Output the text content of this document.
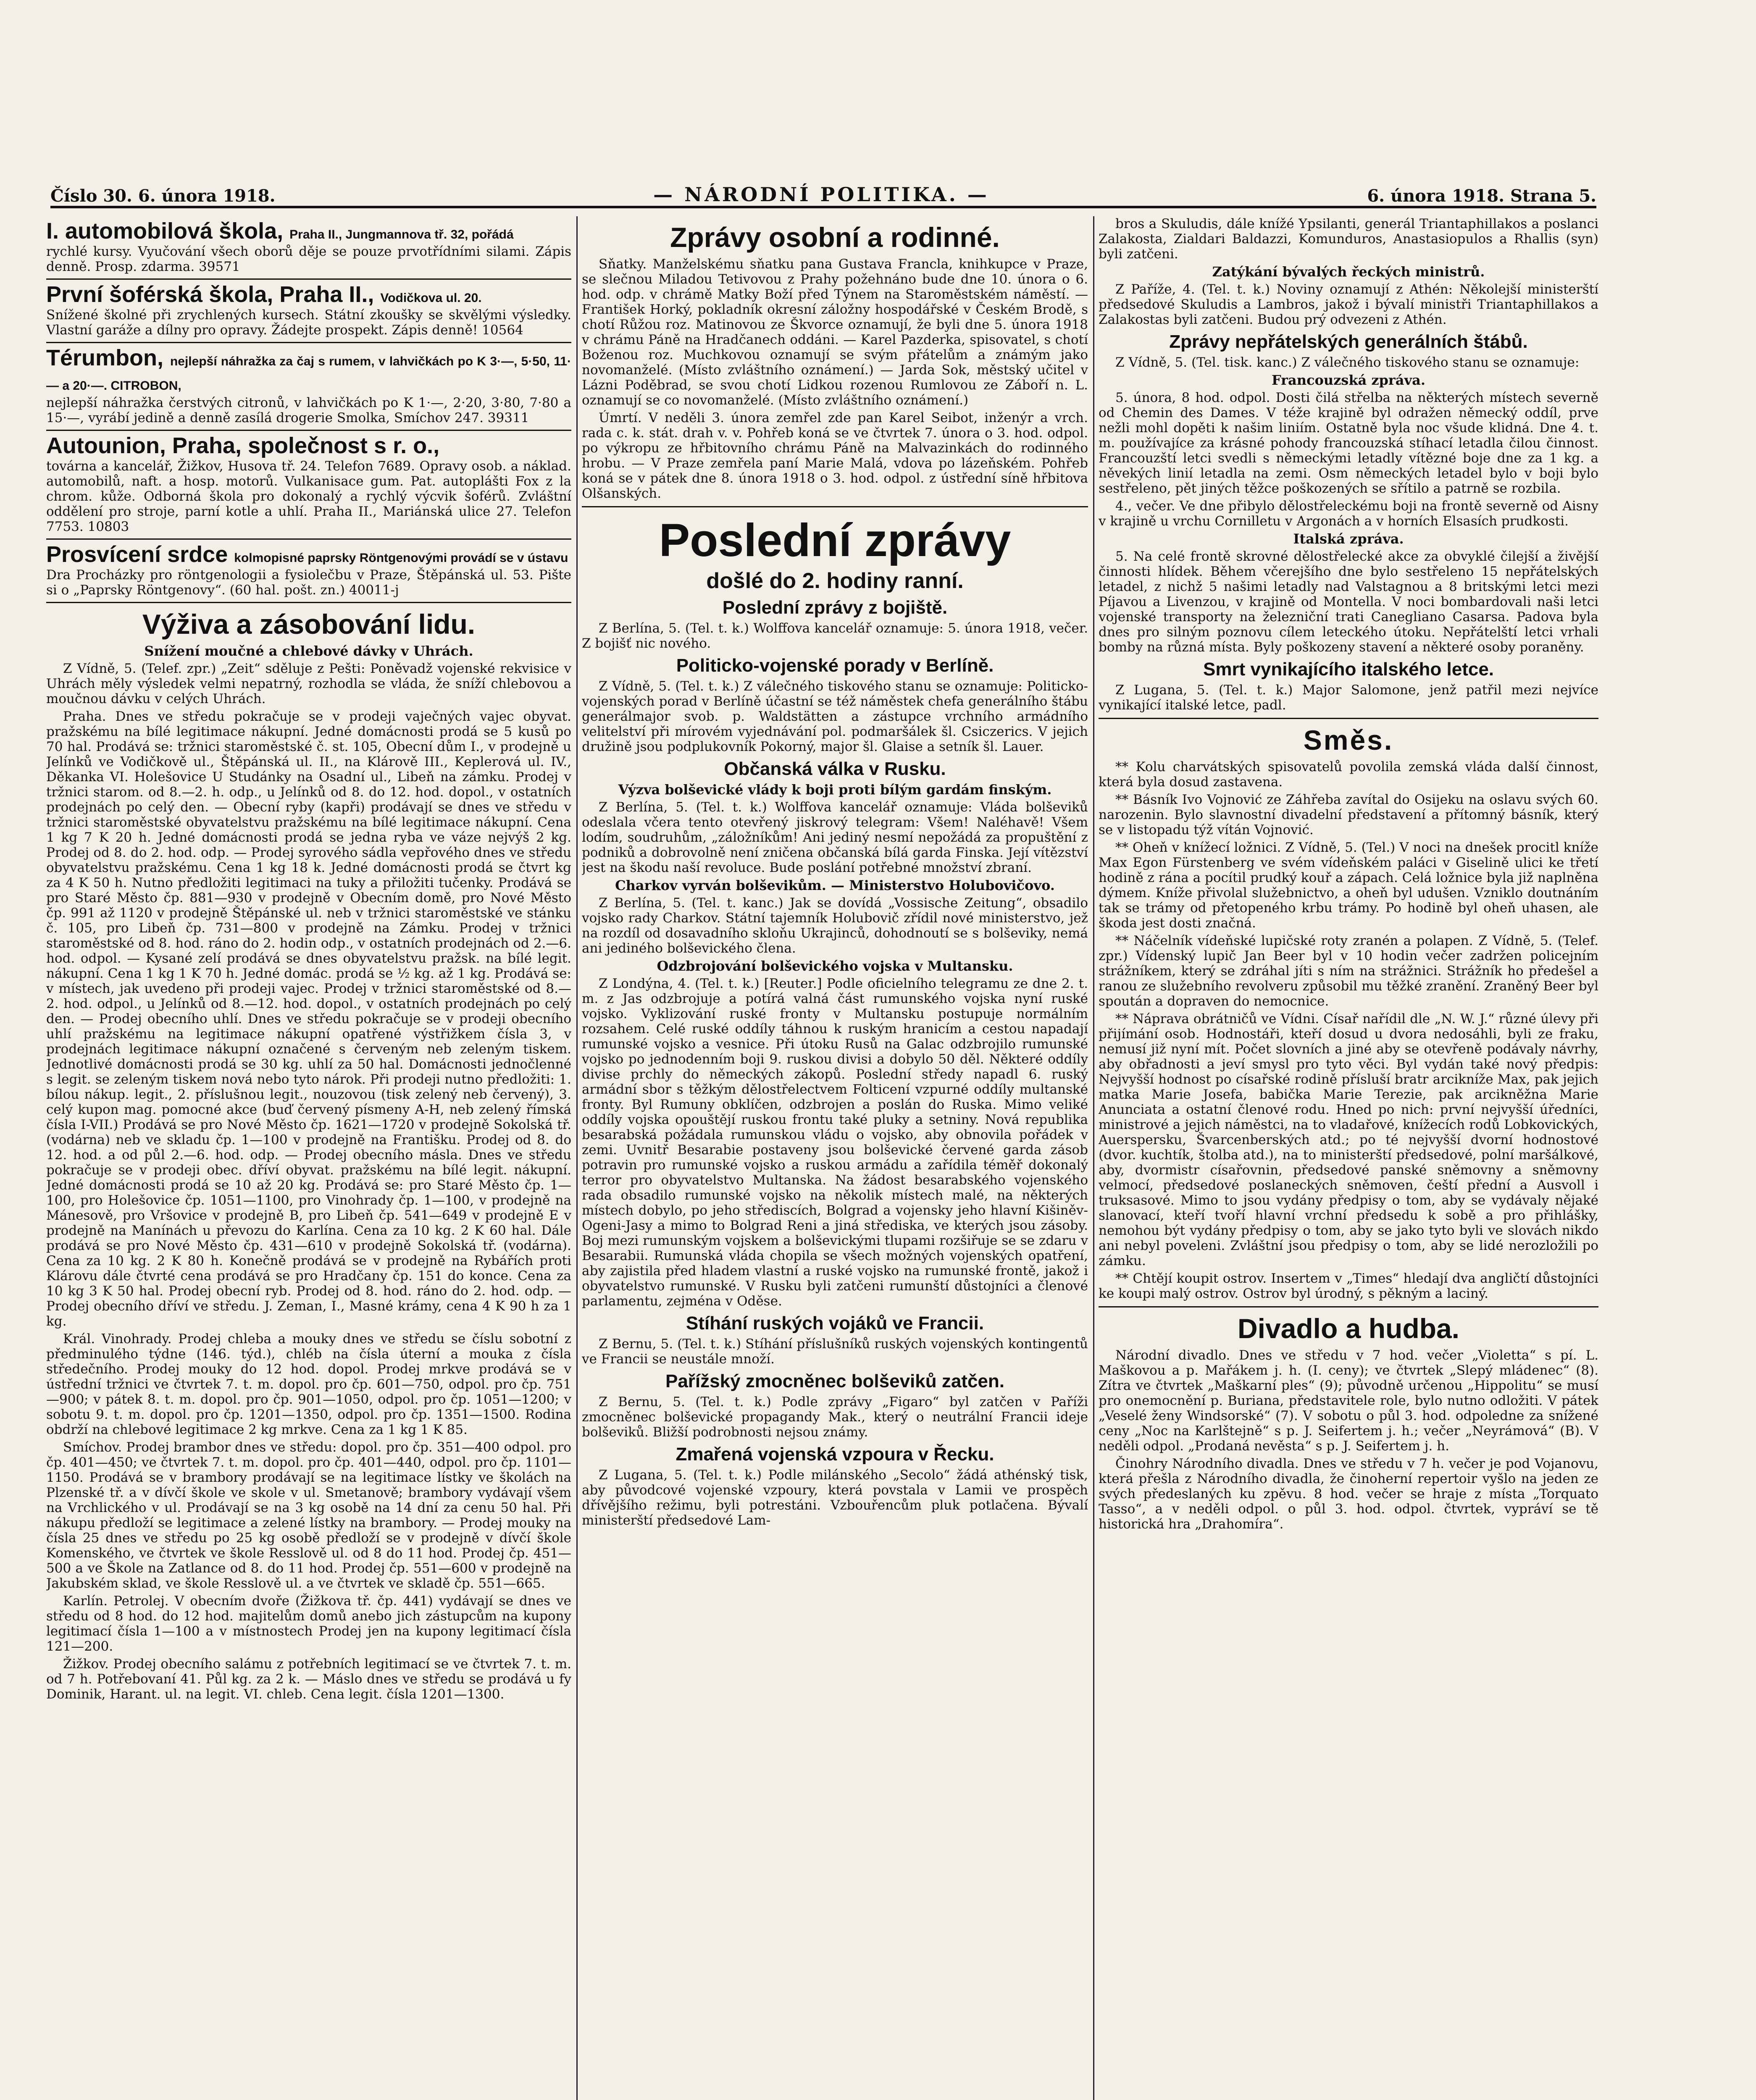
Číslo 30. 6. února 1918.	— NÁRODNÍ POLITIKA. —	6. února 1918. Strana 5.
I. automobilová škola, Praha II., Jungmannova tř. 32, pořádá

rychlé kursy. Vyučování všech oborů děje se pouze prvotřídními silami. Zápis denně. Prosp. zdarma. 39571

První šoférská škola, Praha II., Vodičkova ul. 20.

Snížené školné při zrychlených kursech. Státní zkoušky se skvělými výsledky. Vlastní garáže a dílny pro opravy. Žádejte prospekt. Zápis denně! 10564

Térumbon, nejlepší náhražka za čaj s rumem, v lahvičkách po K 3·—, 5·50, 11·— a 20·—. CITROBON,

nejlepší náhražka čerstvých citronů, v lahvičkách po K 1·—, 2·20, 3·80, 7·80 a 15·—, vyrábí jedině a denně zasílá drogerie Smolka, Smíchov 247. 39311

Autounion, Praha, společnost s r. o.,

továrna a kancelář, Žižkov, Husova tř. 24. Telefon 7689. Opravy osob. a náklad. automobilů, naft. a hosp. motorů. Vulkanisace gum. Pat. autoplášti Fox z la chrom. kůže. Odborná škola pro dokonalý a rychlý výcvik šoférů. Zvláštní oddělení pro stroje, parní kotle a uhlí. Praha II., Mariánská ulice 27. Telefon 7753. 10803

Prosvícení srdce kolmopisné paprsky Röntgenovými provádí se v ústavu

Dra Procházky pro röntgenologii a fysiolečbu v Praze, Štěpánská ul. 53. Pište si o „Paprsky Röntgenovy“. (60 hal. pošt. zn.) 40011-j

Výživa a zásobování lidu.
Snížení moučné a chlebové dávky v Uhrách.

Z Vídně, 5. (Telef. zpr.) „Zeit“ sděluje z Pešti: Poněvadž vojenské rekvisice v Uhrách měly výsledek velmi nepatrný, rozhodla se vláda, že sníží chlebovou a moučnou dávku v celých Uhrách.

Praha. Dnes ve středu pokračuje se v prodeji vaječných vajec obyvat. pražskému na bílé legitimace nákupní. Jedné domácnosti prodá se 5 kusů po 70 hal. Prodává se: tržnici staroměstské č. st. 105, Obecní dům I., v prodejně u Jelínků ve Vodičkově ul., Štěpánská ul. II., na Klárově III., Keplerová ul. IV., Děkanka VI. Holešovice U Studánky na Osadní ul., Libeň na zámku. Prodej v tržnici starom. od 8.—2. h. odp., u Jelínků od 8. do 12. hod. dopol., v ostatních prodejnách po celý den. — Obecní ryby (kapři) prodávají se dnes ve středu v tržnici staroměstské obyvatelstvu pražskému na bílé legitimace nákupní. Cena 1 kg 7 K 20 h. Jedné domácnosti prodá se jedna ryba ve váze nejvýš 2 kg. Prodej od 8. do 2. hod. odp. — Prodej syrového sádla vepřového dnes ve středu obyvatelstvu pražskému. Cena 1 kg 18 k. Jedné domácnosti prodá se čtvrt kg za 4 K 50 h. Nutno předložiti legitimaci na tuky a přiložiti tučenky. Prodává se pro Staré Město čp. 881—930 v prodejně v Obecním domě, pro Nové Město čp. 991 až 1120 v prodejně Štěpánské ul. neb v tržnici staroměstské ve stánku č. 105, pro Libeň čp. 731—800 v prodejně na Zámku. Prodej v tržnici staroměstské od 8. hod. ráno do 2. hodin odp., v ostatních prodejnách od 2.—6. hod. odpol. — Kysané zelí prodává se dnes obyvatelstvu pražsk. na bílé legit. nákupní. Cena 1 kg 1 K 70 h. Jedné domác. prodá se ½ kg. až 1 kg. Prodává se: v místech, jak uvedeno při prodeji vajec. Prodej v tržnici staroměstské od 8.—2. hod. odpol., u Jelínků od 8.—12. hod. dopol., v ostatních prodejnách po celý den. — Prodej obecního uhlí. Dnes ve středu pokračuje se v prodeji obecního uhlí pražskému na legitimace nákupní opatřené výstřižkem čísla 3, v prodejnách legitimace nákupní označené s červeným neb zeleným tiskem. Jednotlivé domácnosti prodá se 30 kg. uhlí za 50 hal. Domácnosti jednočlenné s legit. se zeleným tiskem nová nebo tyto nárok. Při prodeji nutno předložiti: 1. bílou nákup. legit., 2. příslušnou legit., nouzovou (tisk zelený neb červený), 3. celý kupon mag. pomocné akce (buď červený písmeny A-H, neb zelený římská čísla I-VII.) Prodává se pro Nové Město čp. 1621—1720 v prodejně Sokolská tř. (vodárna) neb ve skladu čp. 1—100 v prodejně na Františku. Prodej od 8. do 12. hod. a od půl 2.—6. hod. odp. — Prodej obecního másla. Dnes ve středu pokračuje se v prodeji obec. dříví obyvat. pražskému na bílé legit. nákupní. Jedné domácnosti prodá se 10 až 20 kg. Prodává se: pro Staré Město čp. 1—100, pro Holešovice čp. 1051—1100, pro Vinohrady čp. 1—100, v prodejně na Mánesově, pro Vršovice v prodejně B, pro Libeň čp. 541—649 v prodejně E v prodejně na Manínách u převozu do Karlína. Cena za 10 kg. 2 K 60 hal. Dále prodává se pro Nové Město čp. 431—610 v prodejně Sokolská tř. (vodárna). Cena za 10 kg. 2 K 80 h. Konečně prodává se v prodejně na Rybářích proti Klárovu dále čtvrté cena prodává se pro Hradčany čp. 151 do konce. Cena za 10 kg 3 K 50 hal. Prodej obecní ryb. Prodej od 8. hod. ráno do 2. hod. odp. — Prodej obecního dříví ve středu. J. Zeman, I., Masné krámy, cena 4 K 90 h za 1 kg.

Král. Vinohrady. Prodej chleba a mouky dnes ve středu se číslu sobotní z předminulého týdne (146. týd.), chléb na čísla úterní a mouka z čísla středečního. Prodej mouky do 12 hod. dopol. Prodej mrkve prodává se v ústřední tržnici ve čtvrtek 7. t. m. dopol. pro čp. 601—750, odpol. pro čp. 751—900; v pátek 8. t. m. dopol. pro čp. 901—1050, odpol. pro čp. 1051—1200; v sobotu 9. t. m. dopol. pro čp. 1201—1350, odpol. pro čp. 1351—1500. Rodina obdrží na chlebové legitimace 2 kg mrkve. Cena za 1 kg 1 K 85.

Smíchov. Prodej brambor dnes ve středu: dopol. pro čp. 351—400 odpol. pro čp. 401—450; ve čtvrtek 7. t. m. dopol. pro čp. 401—440, odpol. pro čp. 1101—1150. Prodává se v brambory prodávají se na legitimace lístky ve školách na Plzenské tř. a v dívčí škole ve skole v ul. Smetanově; brambory vydávají všem na Vrchlického v ul. Prodávají se na 3 kg osobě na 14 dní za cenu 50 hal. Při nákupu předloží se legitimace a zelené lístky na brambory. — Prodej mouky na čísla 25 dnes ve středu po 25 kg osobě předloží se v prodejně v dívčí škole Komenského, ve čtvrtek ve škole Resslově ul. od 8 do 11 hod. Prodej čp. 451—500 a ve Škole na Zatlance od 8. do 11 hod. Prodej čp. 551—600 v prodejně na Jakubském sklad, ve škole Resslově ul. a ve čtvrtek ve skladě čp. 551—665.

Karlín. Petrolej. V obecním dvoře (Žižkova tř. čp. 441) vydávají se dnes ve středu od 8 hod. do 12 hod. majitelům domů anebo jich zástupcům na kupony legitimací čísla 1—100 a v místnostech Prodej jen na kupony legitimací čísla 121—200.

Žižkov. Prodej obecního salámu z potřebních legitimací se ve čtvrtek 7. t. m. od 7 h. Potřebovaní 41. Půl kg. za 2 k. — Máslo dnes ve středu se prodává u fy Dominik, Harant. ul. na legit. VI. chleb. Cena legit. čísla 1201—1300.

Zprávy osobní a rodinné.

Sňatky. Manželskému sňatku pana Gustava Francla, knihkupce v Praze, se slečnou Miladou Tetivovou z Prahy požehnáno bude dne 10. února o 6. hod. odp. v chrámě Matky Boží před Týnem na Staroměstském náměstí. — František Horký, pokladník okresní záložny hospodářské v Českém Brodě, s chotí Růžou roz. Matinovou ze Škvorce oznamují, že byli dne 5. února 1918 v chrámu Páně na Hradčanech oddáni. — Karel Pazderka, spisovatel, s chotí Boženou roz. Muchkovou oznamují se svým přátelům a známým jako novomanželé. (Místo zvláštního oznámení.) — Jarda Sok, městský učitel v Lázni Poděbrad, se svou chotí Lidkou rozenou Rumlovou ze Záboří n. L. oznamují se co novomanželé. (Místo zvláštního oznámení.)

Úmrtí. V neděli 3. února zemřel zde pan Karel Seibot, inženýr a vrch. rada c. k. stát. drah v. v. Pohřeb koná se ve čtvrtek 7. února o 3. hod. odpol. po výkropu ze hřbitovního chrámu Páně na Malvazinkách do rodinného hrobu. — V Praze zemřela paní Marie Malá, vdova po lázeňském. Pohřeb koná se v pátek dne 8. února 1918 o 3. hod. odpol. z ústřední síně hřbitova Olšanských.

Poslední zprávy
došlé do 2. hodiny ranní.
Poslední zprávy z bojiště.

Z Berlína, 5. (Tel. t. k.) Wolffova kancelář oznamuje: 5. února 1918, večer. Z bojišť nic nového.

Politicko-vojenské porady v Berlíně.

Z Vídně, 5. (Tel. t. k.) Z válečného tiskového stanu se oznamuje: Politicko-vojenských porad v Berlíně účastní se též náměstek chefa generálního štábu generálmajor svob. p. Waldstätten a zástupce vrchního armádního velitelství při mírovém vyjednávání pol. podmaršálek šl. Csiczerics. V jejich družině jsou podplukovník Pokorný, major šl. Glaise a setník šl. Lauer.

Občanská válka v Rusku.
Výzva bolševické vlády k boji proti bílým gardám finským.

Z Berlína, 5. (Tel. t. k.) Wolffova kancelář oznamuje: Vláda bolševiků odeslala včera tento otevřený jiskrový telegram: Všem! Naléhavě! Všem lodím, soudruhům, „záložníkům! Ani jediný nesmí nepožádá za propuštění z podniků a dobrovolně není zničena občanská bílá garda Finska. Její vítězství jest na škodu naší revoluce. Bude poslání potřebné množství zbraní.

Charkov vyrván bolševikům. — Ministerstvo Holubovičovo.

Z Berlína, 5. (Tel. t. kanc.) Jak se dovídá „Vossische Zeitung“, obsadilo vojsko rady Charkov. Státní tajemník Holubovič zřídil nové ministerstvo, jež na rozdíl od dosavadního skloňu Ukrajinců, dohodnoutí se s bolševiky, nemá ani jediného bolševického člena.

Odzbrojování bolševického vojska v Multansku.

Z Londýna, 4. (Tel. t. k.) [Reuter.] Podle oficielního telegramu ze dne 2. t. m. z Jas odzbrojuje a potírá valná část rumunského vojska nyní ruské vojsko. Vyklizování ruské fronty v Multansku postupuje normálním rozsahem. Celé ruské oddíly táhnou k ruským hranicím a cestou napadají rumunské vojsko a vesnice. Při útoku Rusů na Galac odzbrojilo rumunské vojsko po jednodenním boji 9. ruskou divisi a dobylo 50 děl. Některé oddíly divise prchly do německých zákopů. Poslední středy napadl 6. ruský armádní sbor s těžkým dělostřelectvem Folticení vzpurné oddíly multanské fronty. Byl Rumuny obklíčen, odzbrojen a poslán do Ruska. Mimo veliké oddíly vojska opouštějí ruskou frontu také pluky a setniny. Nová republika besarabská požádala rumunskou vládu o vojsko, aby obnovila pořádek v zemi. Uvnitř Besarabie postaveny jsou bolševické červené garda zásob potravin pro rumunské vojsko a ruskou armádu a zařídila téměř dokonalý terror pro obyvatelstvo Multanska. Na žádost besarabského vojenského rada obsadilo rumunské vojsko na několik místech malé, na některých místech dobylo, po jeho střediscích, Bolgrad a vojensky jeho hlavní Kišiněv-Ogeni-Jasy a mimo to Bolgrad Reni a jiná střediska, ve kterých jsou zásoby. Boj mezi rumunským vojskem a bolševickými tlupami rozšiřuje se se zdaru v Besarabii. Rumunská vláda chopila se všech možných vojenských opatření, aby zajistila před hladem vlastní a ruské vojsko na rumunské frontě, jakož i obyvatelstvo rumunské. V Rusku byli zatčeni rumunští důstojníci a členové parlamentu, zejména v Oděse.

Stíhání ruských vojáků ve Francii.

Z Bernu, 5. (Tel. t. k.) Stíhání příslušníků ruských vojenských kontingentů ve Francii se neustále množí.

Pařížský zmocněnec bolševiků zatčen.

Z Bernu, 5. (Tel. t. k.) Podle zprávy „Figaro“ byl zatčen v Paříži zmocněnec bolševické propagandy Mak., který o neutrální Francii ideje bolševiků. Bližší podrobnosti nejsou známy.

Zmařená vojenská vzpoura v Řecku.

Z Lugana, 5. (Tel. t. k.) Podle milánského „Secolo“ žádá athénský tisk, aby původcové vojenské vzpoury, která povstala v Lamii ve prospěch dřívějšího režimu, byli potrestáni. Vzbouřencům pluk potlačena. Bývalí ministerští předsedové Lam-

bros a Skuludis, dále knížé Ypsilanti, generál Triantaphillakos a poslanci Zalakosta, Zialdari Baldazzi, Komunduros, Anastasiopulos a Rhallis (syn) byli zatčeni.

Zatýkání bývalých řeckých ministrů.

Z Paříže, 4. (Tel. t. k.) Noviny oznamují z Athén: Několejší ministerští předsedové Skuludis a Lambros, jakož i bývalí ministři Triantaphillakos a Zalakostas byli zatčeni. Budou prý odvezeni z Athén.

Zprávy nepřátelských generálních štábů.

Z Vídně, 5. (Tel. tisk. kanc.) Z válečného tiskového stanu se oznamuje:

Francouzská zpráva.

5. února, 8 hod. odpol. Dosti čilá střelba na některých místech severně od Chemin des Dames. V téže krajině byl odražen německý oddíl, prve nežli mohl dopěti k našim liniím. Ostatně byla noc všude klidná. Dne 4. t. m. používajíce za krásné pohody francouzská stíhací letadla čilou činnost. Francouzští letci svedli s německými letadly vítězné boje dne za 1 kg. a něvekých linií letadla na zemi. Osm německých letadel bylo v boji bylo sestřeleno, pět jiných těžce poškozených se sřítilo a patrně se rozbila.

4., večer. Ve dne přibylo dělostřeleckému boji na frontě severně od Aisny v krajině u vrchu Cornilletu v Argonách a v horních Elsasích prudkosti.

Italská zpráva.

5. Na celé frontě skrovné dělostřelecké akce za obvyklé čilejší a živější činnosti hlídek. Během včerejšího dne bylo sestřeleno 15 nepřátelských letadel, z nichž 5 našimi letadly nad Valstagnou a 8 britskými letci mezi Píjavou a Livenzou, v krajině od Montella. V noci bombardovali naši letci vojenské transporty na železniční trati Canegliano Casarsa. Padova byla dnes pro silným poznovu cílem leteckého útoku. Nepřátelští letci vrhali bomby na různá místa. Byly poškozeny stavení a některé osoby poraněny.

Smrt vynikajícího italského letce.

Z Lugana, 5. (Tel. t. k.) Major Salomone, jenž patřil mezi nejvíce vynikající italské letce, padl.

Směs.

** Kolu charvátských spisovatelů povolila zemská vláda další činnost, která byla dosud zastavena.

** Básník Ivo Vojnović ze Záhřeba zavítal do Osijeku na oslavu svých 60. narozenin. Bylo slavnostní divadelní představení a přítomný básník, který se v listopadu týž vítán Vojnović.

** Oheň v knížecí ložnici. Z Vídně, 5. (Tel.) V noci na dnešek procitl kníže Max Egon Fürstenberg ve svém vídeňském paláci v Giselině ulici ke třetí hodině z rána a pocítil prudký kouř a zápach. Celá ložnice byla již naplněna dýmem. Kníže přivolal služebnictvo, a oheň byl udušen. Vzniklo doutnáním tak se trámy od přetopeného krbu trámy. Po hodině byl oheň uhasen, ale škoda jest dosti značná.

** Náčelník vídeňské lupičské roty zranén a polapen. Z Vídně, 5. (Telef. zpr.) Vídenský lupič Jan Beer byl v 10 hodin večer zadržen policejním strážníkem, který se zdráhal jíti s ním na strážnici. Strážník ho předešel a ranou ze služebního revolveru způsobil mu těžké zranění. Zraněný Beer byl spoután a dopraven do nemocnice.

** Náprava obrátničů ve Vídni. Císař nařídil dle „N. W. J.“ různé úlevy při přijímání osob. Hodnostáři, kteří dosud u dvora nedosáhli, byli ze fraku, nemusí již nyní mít. Počet slovních a jiné aby se otevřeně podávaly návrhy, aby obřadnosti a jeví smysl pro tyto věci. Byl vydán také nový předpis: Nejvyšší hodnost po císařské rodině přísluší bratr arcikníže Max, pak jejich matka Marie Josefa, babička Marie Terezie, pak arcikněžna Marie Anunciata a ostatní členové rodu. Hned po nich: první nejvyšší úředníci, ministrové a jejich náměstci, na to vladařové, knížecích rodů Lobkovických, Auerspersku, Švarcenberských atd.; po té nejvyšší dvorní hodnostové (dvor. kuchtík, štolba atd.), na to ministerští předsedové, polní maršálkové, aby, dvormistr císařovnin, předsedové panské sněmovny a sněmovny velmocí, předsedové poslaneckých sněmoven, čeští přední a Ausvoll i truksasové. Mimo to jsou vydány předpisy o tom, aby se vydávaly nějaké slanovací, kteří tvoří hlavní vrchní předsedu k sobě a pro přihlášky, nemohou být vydány předpisy o tom, aby se jako tyto byli ve slovách nikdo ani nebyl poveleni. Zvláštní jsou předpisy o tom, aby se lidé nerozložili po zámku.

** Chtějí koupit ostrov. Insertem v „Times“ hledají dva angličtí důstojníci ke koupi malý ostrov. Ostrov byl úrodný, s pěkným a laciný.

Divadlo a hudba.

Národní divadlo. Dnes ve středu v 7 hod. večer „Violetta“ s pí. L. Maškovou a p. Mařákem j. h. (I. ceny); ve čtvrtek „Slepý mládenec“ (8). Zítra ve čtvrtek „Maškarní ples“ (9); původně určenou „Hippolitu“ se musí pro onemocnění p. Buriana, představitele role, bylo nutno odložiti. V pátek „Veselé ženy Windsorské“ (7). V sobotu o půl 3. hod. odpoledne za snížené ceny „Noc na Karlštejně“ s p. J. Seifertem j. h.; večer „Neyrámová“ (B). V neděli odpol. „Prodaná nevěsta“ s p. J. Seifertem j. h.

Činohry Národního divadla. Dnes ve středu v 7 h. večer je pod Vojanovu, která přešla z Národního divadla, že činoherní repertoir vyšlo na jeden ze svých předeslaných ku zpěvu. 8 hod. večer se hraje z místa „Torquato Tasso“, a v neděli odpol. o půl 3. hod. odpol. čtvrtek, vypráví se tě historická hra „Drahomíra“.
